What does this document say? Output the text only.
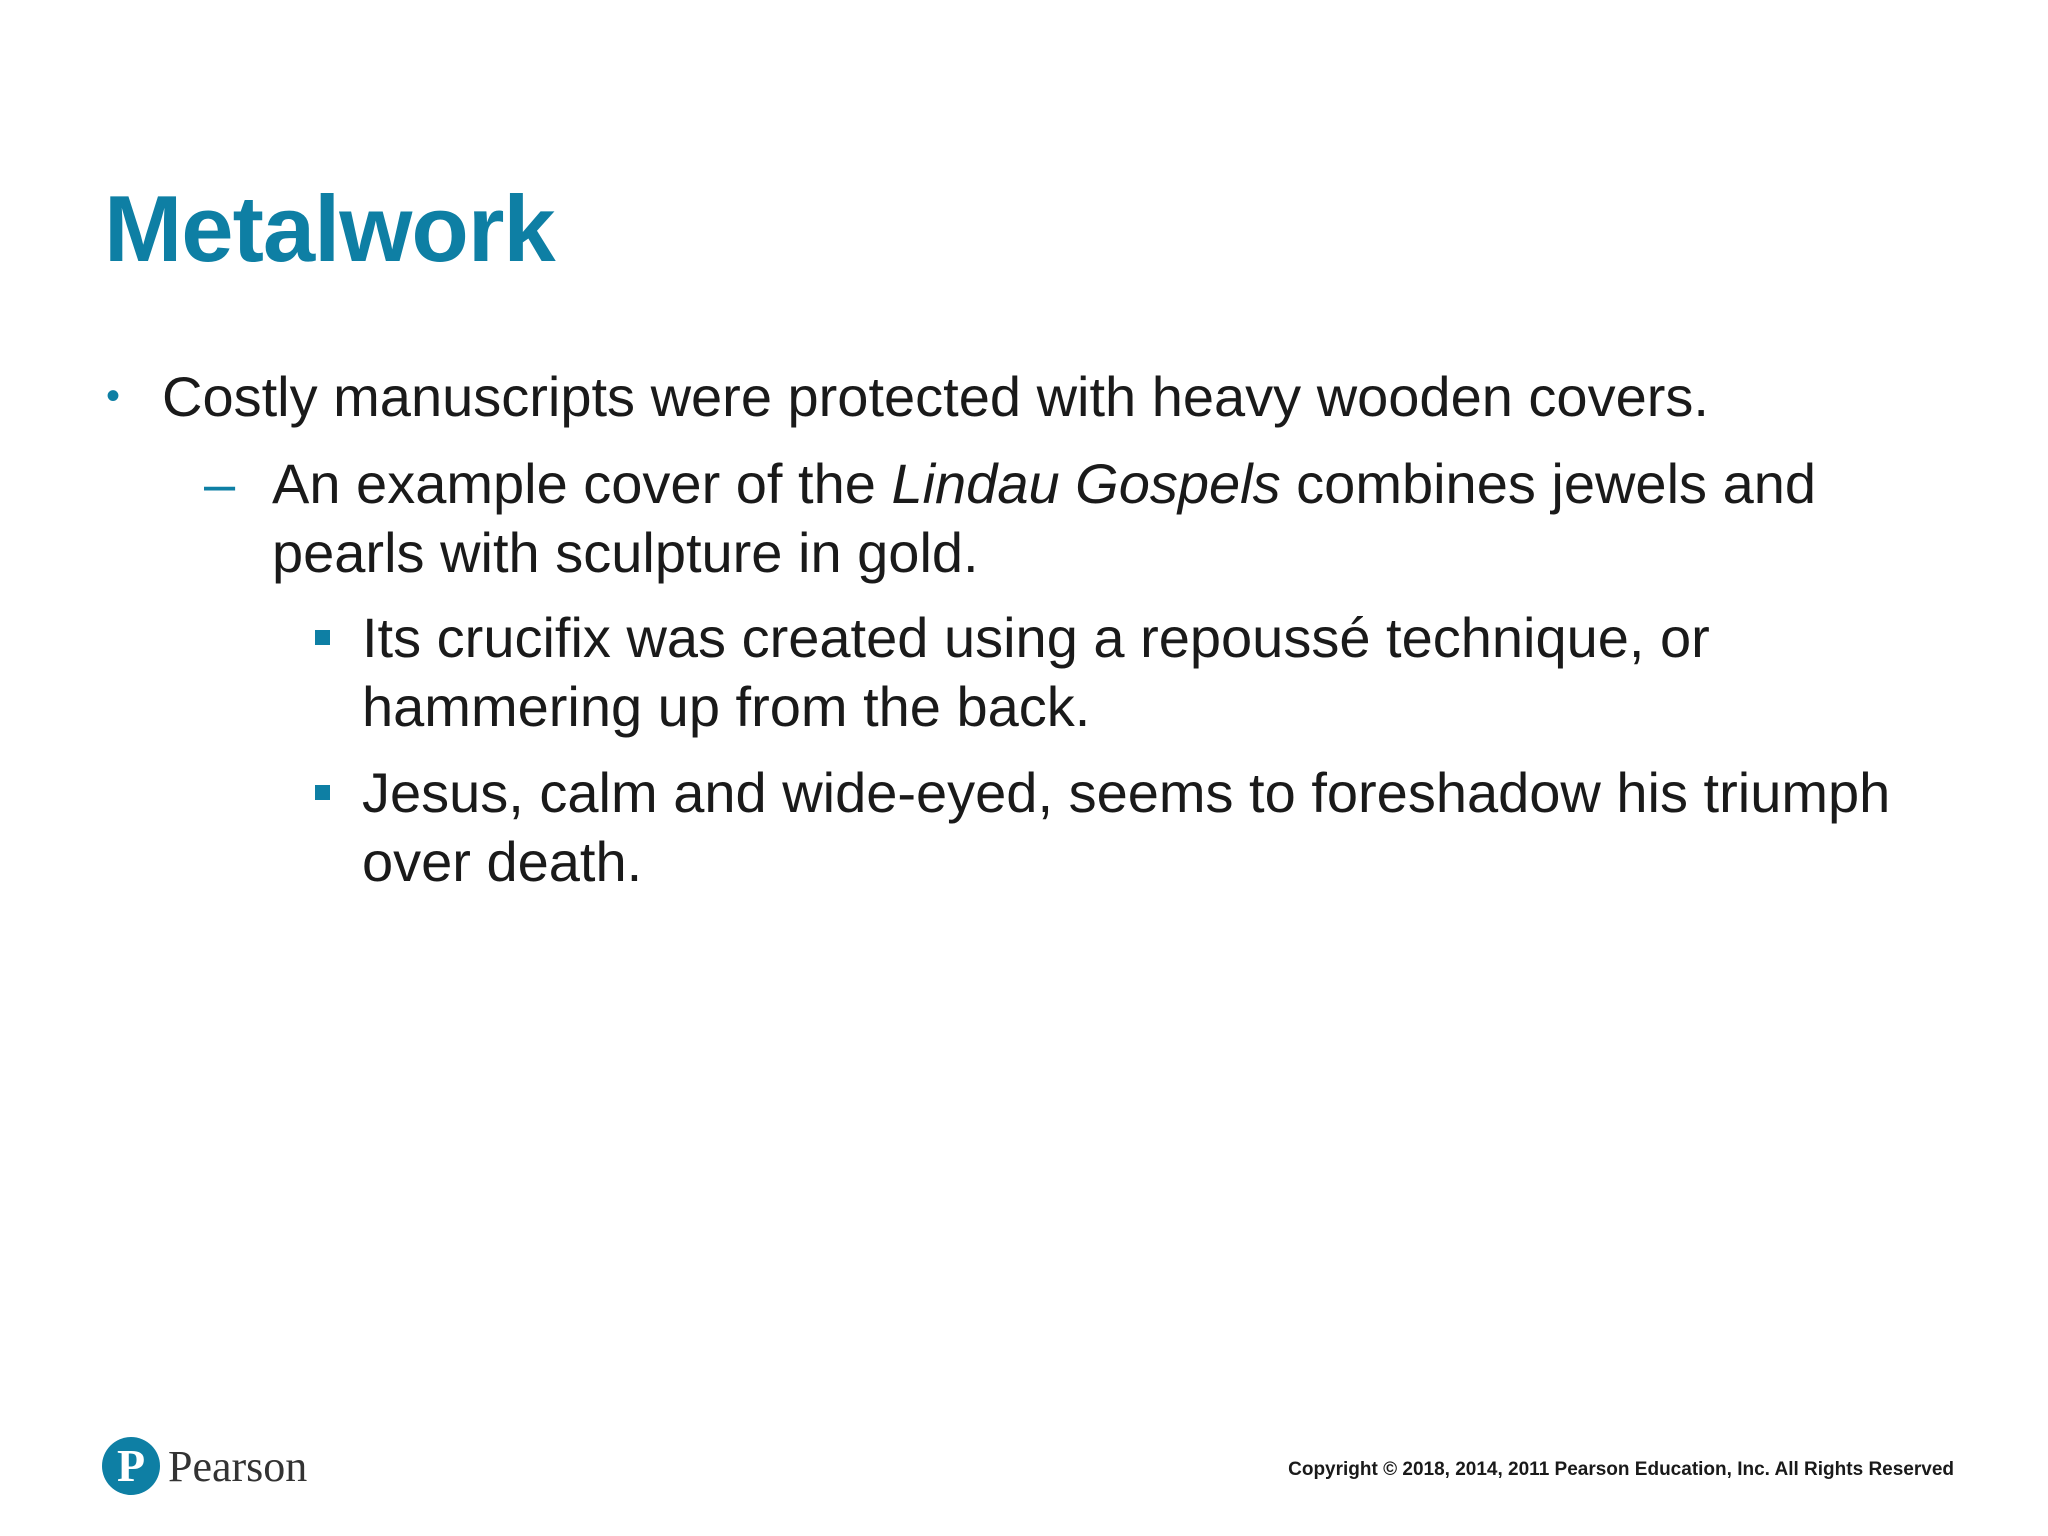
Metalwork
• Costly manuscripts were protected with heavy wooden covers.
– An example cover of the Lindau Gospels combines jewels and pearls with sculpture in gold.
Its crucifix was created using a repoussé technique, or hammering up from the back.
Jesus, calm and wide-eyed, seems to foreshadow his triumph over death.
P Pearson	Copyright © 2018, 2014, 2011 Pearson Education, Inc. All Rights Reserved
